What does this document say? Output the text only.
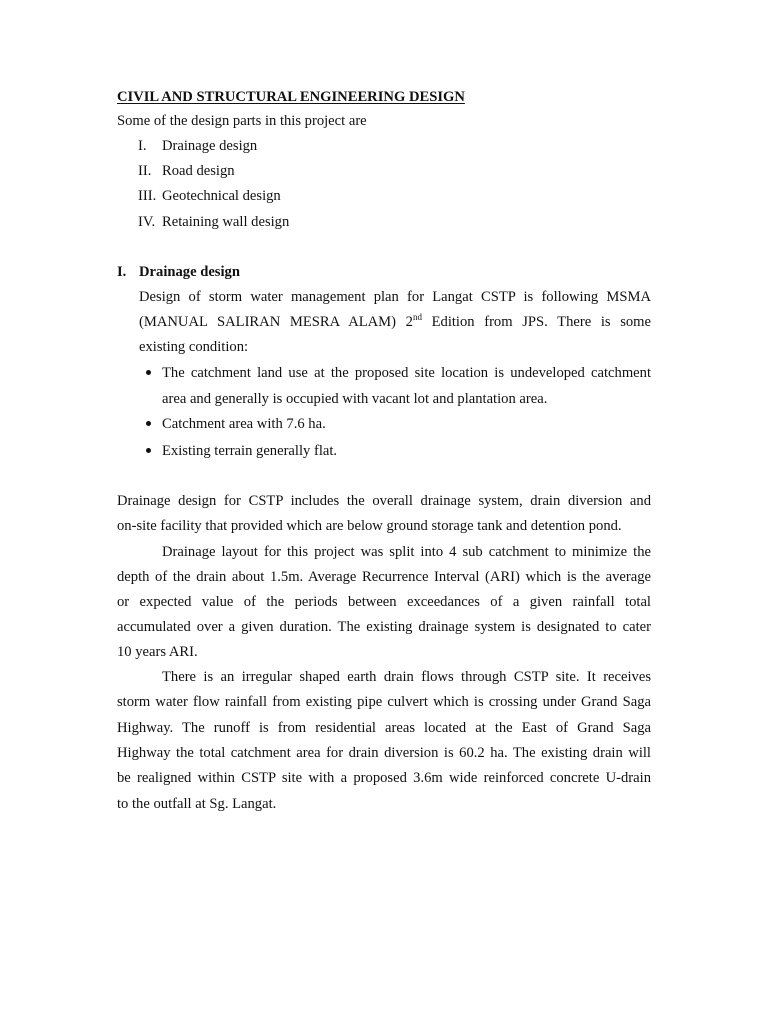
CIVIL AND STRUCTURAL ENGINEERING DESIGN
Some of the design parts in this project are
I. Drainage design
II. Road design
III. Geotechnical design
IV. Retaining wall design
I. Drainage design
Design of storm water management plan for Langat CSTP is following MSMA
(MANUAL SALIRAN MESRA ALAM) 2nd Edition from JPS. There is some
existing condition:
The catchment land use at the proposed site location is undeveloped catchment
area and generally is occupied with vacant lot and plantation area.
Catchment area with 7.6 ha.
Existing terrain generally flat.
Drainage design for CSTP includes the overall drainage system, drain diversion and
on-site facility that provided which are below ground storage tank and detention pond.
Drainage layout for this project was split into 4 sub catchment to minimize the
depth of the drain about 1.5m. Average Recurrence Interval (ARI) which is the average
or expected value of the periods between exceedances of a given rainfall total
accumulated over a given duration. The existing drainage system is designated to cater
10 years ARI.
There is an irregular shaped earth drain flows through CSTP site. It receives
storm water flow rainfall from existing pipe culvert which is crossing under Grand Saga
Highway. The runoff is from residential areas located at the East of Grand Saga
Highway the total catchment area for drain diversion is 60.2 ha. The existing drain will
be realigned within CSTP site with a proposed 3.6m wide reinforced concrete U-drain
to the outfall at Sg. Langat.
